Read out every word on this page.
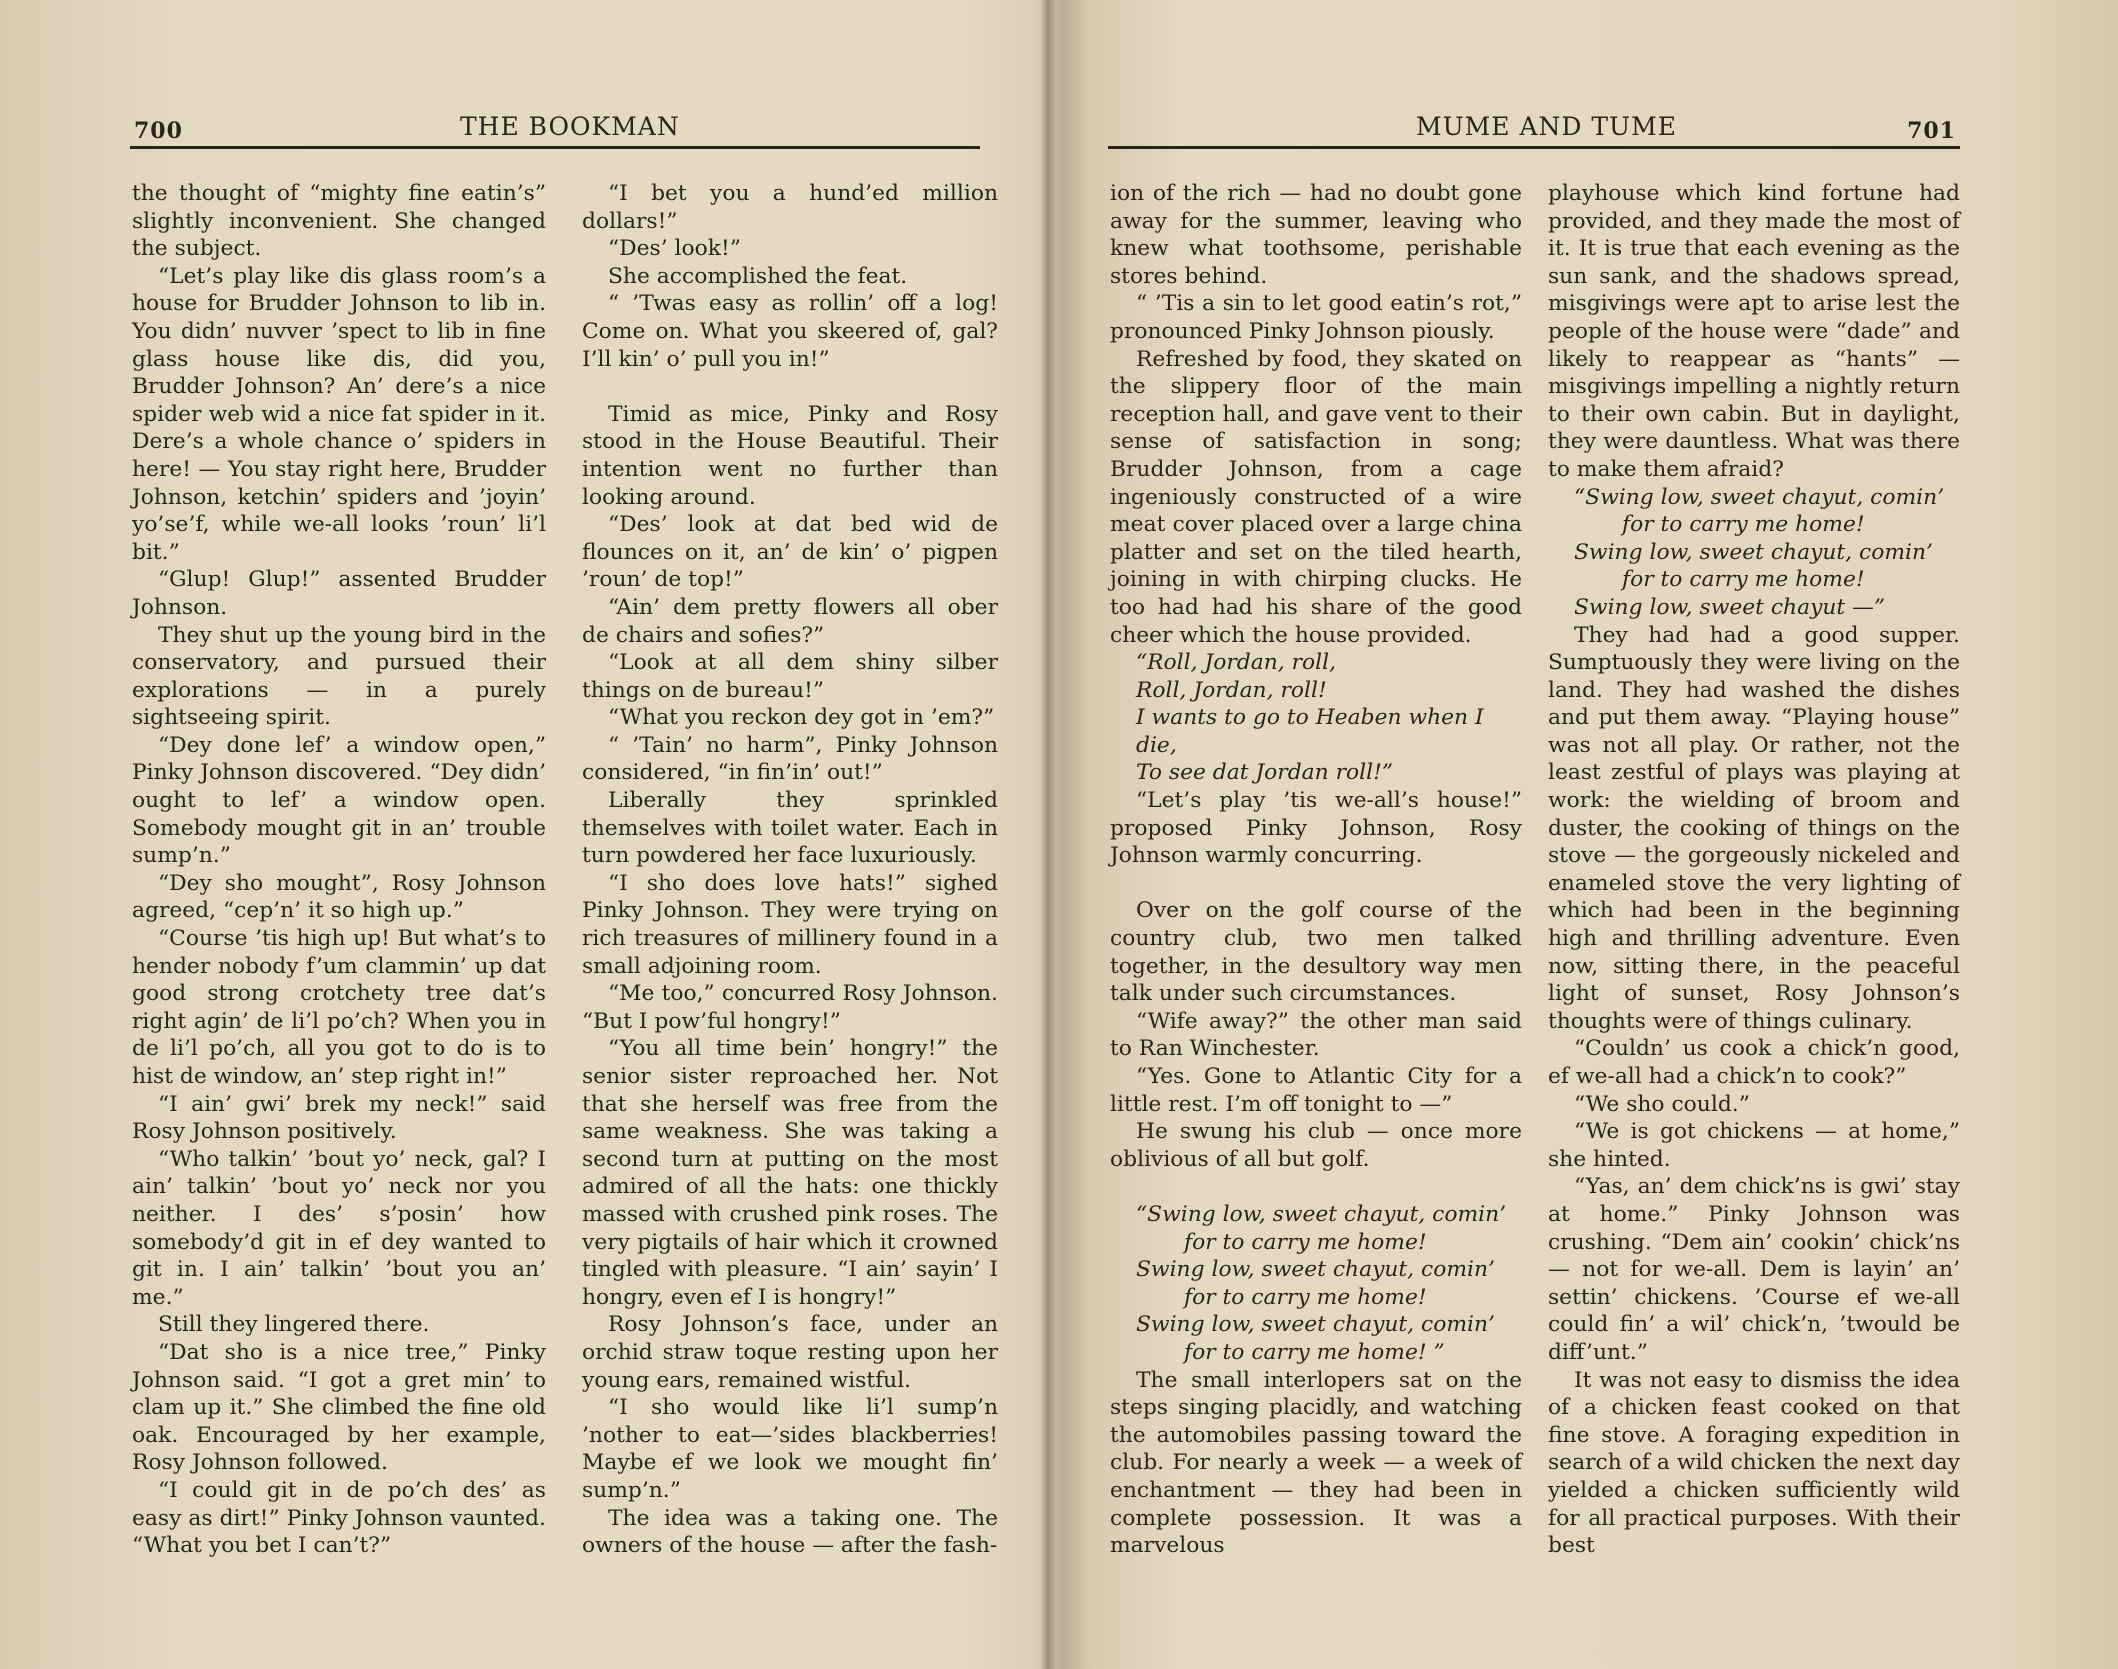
700	THE BOOKMAN

the thought of “mighty fine eatin’s” slightly inconvenient. She changed the subject.

“Let’s play like dis glass room’s a house for Brudder Johnson to lib in. You didn’ nuvver ’spect to lib in fine glass house like dis, did you, Brudder Johnson? An’ dere’s a nice spider web wid a nice fat spider in it. Dere’s a whole chance o’ spiders in here! — You stay right here, Brudder Johnson, ketchin’ spiders and ’joyin’ yo’se’f, while we-all looks ’roun’ li’l bit.”

“Glup! Glup!” assented Brudder Johnson.

They shut up the young bird in the conservatory, and pursued their explorations — in a purely sightseeing spirit.

“Dey done lef’ a window open,” Pinky Johnson discovered. “Dey didn’ ought to lef’ a window open. Somebody mought git in an’ trouble sump’n.”

“Dey sho mought”, Rosy Johnson agreed, “cep’n’ it so high up.”

“Course ’tis high up! But what’s to hender nobody f’um clammin’ up dat good strong crotchety tree dat’s right agin’ de li’l po’ch? When you in de li’l po’ch, all you got to do is to hist de window, an’ step right in!”

“I ain’ gwi’ brek my neck!” said Rosy Johnson positively.

“Who talkin’ ’bout yo’ neck, gal? I ain’ talkin’ ’bout yo’ neck nor you neither. I des’ s’posin’ how somebody’d git in ef dey wanted to git in. I ain’ talkin’ ’bout you an’ me.”

Still they lingered there.

“Dat sho is a nice tree,” Pinky Johnson said. “I got a gret min’ to clam up it.” She climbed the fine old oak. Encouraged by her example, Rosy Johnson followed.

“I could git in de po’ch des’ as easy as dirt!” Pinky Johnson vaunted. “What you bet I can’t?”

“I bet you a hund’ed million dollars!”

“Des’ look!”

She accomplished the feat.

“ ’Twas easy as rollin’ off a log! Come on. What you skeered of, gal? I’ll kin’ o’ pull you in!”

Timid as mice, Pinky and Rosy stood in the House Beautiful. Their intention went no further than looking around.

“Des’ look at dat bed wid de flounces on it, an’ de kin’ o’ pigpen ’roun’ de top!”

“Ain’ dem pretty flowers all ober de chairs and sofies?”

“Look at all dem shiny silber things on de bureau!”

“What you reckon dey got in ’em?”

“ ’Tain’ no harm”, Pinky Johnson considered, “in fin’in’ out!”

Liberally they sprinkled themselves with toilet water. Each in turn powdered her face luxuriously.

“I sho does love hats!” sighed Pinky Johnson. They were trying on rich treasures of millinery found in a small adjoining room.

“Me too,” concurred Rosy Johnson. “But I pow’ful hongry!”

“You all time bein’ hongry!” the senior sister reproached her. Not that she herself was free from the same weakness. She was taking a second turn at putting on the most admired of all the hats: one thickly massed with crushed pink roses. The very pigtails of hair which it crowned tingled with pleasure. “I ain’ sayin’ I hongry, even ef I is hongry!”

Rosy Johnson’s face, under an orchid straw toque resting upon her young ears, remained wistful.

“I sho would like li’l sump’n ’nother to eat—’sides blackberries! Maybe ef we look we mought fin’ sump’n.”

The idea was a taking one. The owners of the house — after the fash-

MUME AND TUME	701

ion of the rich — had no doubt gone away for the summer, leaving who knew what toothsome, perishable stores behind.

“ ’Tis a sin to let good eatin’s rot,” pronounced Pinky Johnson piously.

Refreshed by food, they skated on the slippery floor of the main reception hall, and gave vent to their sense of satisfaction in song; Brudder Johnson, from a cage ingeniously constructed of a wire meat cover placed over a large china platter and set on the tiled hearth, joining in with chirping clucks. He too had had his share of the good cheer which the house provided.

“Roll, Jordan, roll,
Roll, Jordan, roll!
I wants to go to Heaben when I die,
To see dat Jordan roll!”

“Let’s play ’tis we-all’s house!” proposed Pinky Johnson, Rosy Johnson warmly concurring.

Over on the golf course of the country club, two men talked together, in the desultory way men talk under such circumstances.

“Wife away?” the other man said to Ran Winchester.

“Yes. Gone to Atlantic City for a little rest. I’m off tonight to —”

He swung his club — once more oblivious of all but golf.

“Swing low, sweet chayut, comin’
for to carry me home!
Swing low, sweet chayut, comin’
for to carry me home!
Swing low, sweet chayut, comin’
for to carry me home! ”

The small interlopers sat on the steps singing placidly, and watching the automobiles passing toward the club. For nearly a week — a week of enchantment — they had been in complete possession. It was a marvelous

playhouse which kind fortune had provided, and they made the most of it. It is true that each evening as the sun sank, and the shadows spread, misgivings were apt to arise lest the people of the house were “dade” and likely to reappear as “hants” — misgivings impelling a nightly return to their own cabin. But in daylight, they were dauntless. What was there to make them afraid?

“Swing low, sweet chayut, comin’
for to carry me home!
Swing low, sweet chayut, comin’
for to carry me home!
Swing low, sweet chayut —”

They had had a good supper. Sumptuously they were living on the land. They had washed the dishes and put them away. “Playing house” was not all play. Or rather, not the least zestful of plays was playing at work: the wielding of broom and duster, the cooking of things on the stove — the gorgeously nickeled and enameled stove the very lighting of which had been in the beginning high and thrilling adventure. Even now, sitting there, in the peaceful light of sunset, Rosy Johnson’s thoughts were of things culinary.

“Couldn’ us cook a chick’n good, ef we-all had a chick’n to cook?”

“We sho could.”

“We is got chickens — at home,” she hinted.

“Yas, an’ dem chick’ns is gwi’ stay at home.” Pinky Johnson was crushing. “Dem ain’ cookin’ chick’ns — not for we-all. Dem is layin’ an’ settin’ chickens. ’Course ef we-all could fin’ a wil’ chick’n, ’twould be diff’unt.”

It was not easy to dismiss the idea of a chicken feast cooked on that fine stove. A foraging expedition in search of a wild chicken the next day yielded a chicken sufficiently wild for all practical purposes. With their best
